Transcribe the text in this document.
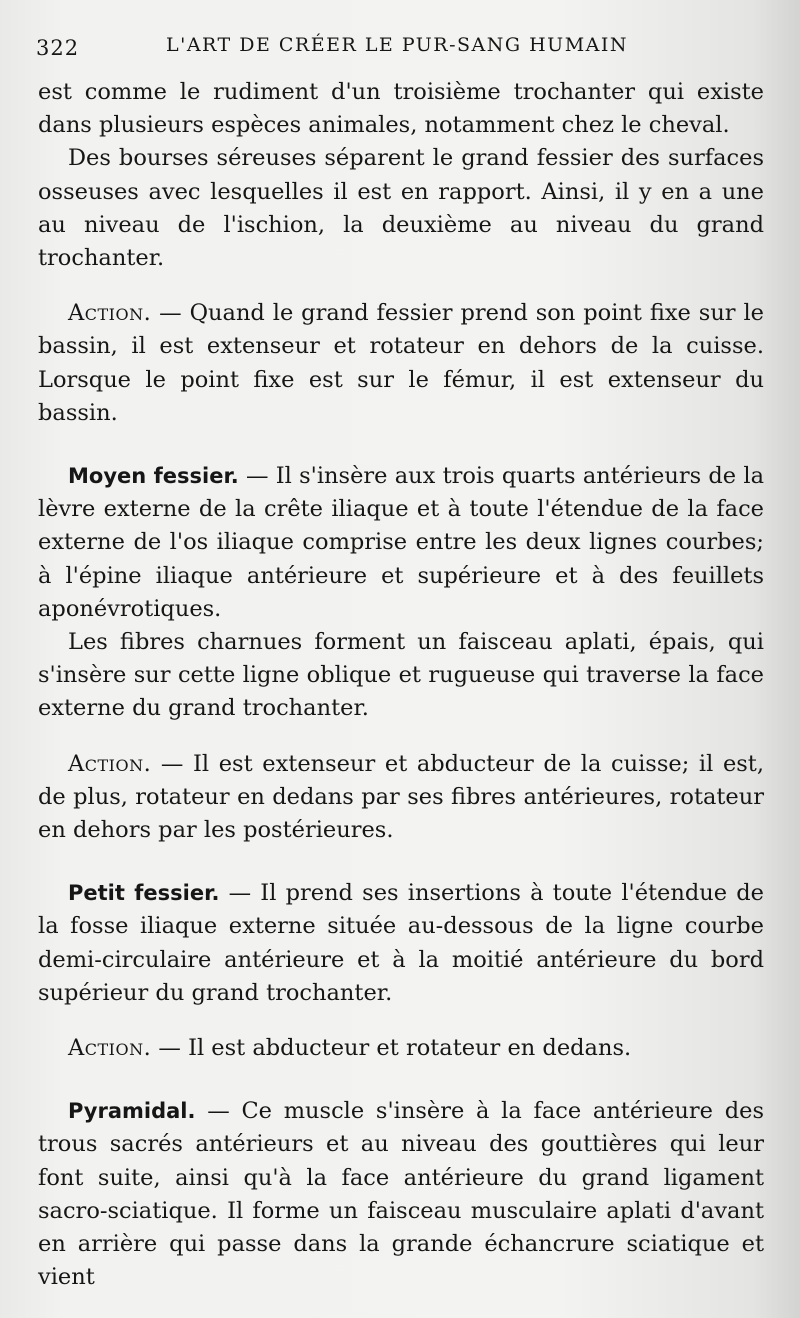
322	L'ART DE CRÉER LE PUR-SANG HUMAIN

est comme le rudiment d'un troisième trochanter qui existe dans plusieurs espèces animales, notamment chez le cheval.

Des bourses séreuses séparent le grand fessier des surfaces osseuses avec lesquelles il est en rapport. Ainsi, il y en a une au niveau de l'ischion, la deuxième au niveau du grand trochanter.

Action. — Quand le grand fessier prend son point fixe sur le bassin, il est extenseur et rotateur en dehors de la cuisse. Lorsque le point fixe est sur le fémur, il est extenseur du bassin.

Moyen fessier. — Il s'insère aux trois quarts antérieurs de la lèvre externe de la crête iliaque et à toute l'étendue de la face externe de l'os iliaque comprise entre les deux lignes courbes; à l'épine iliaque antérieure et supérieure et à des feuillets aponévrotiques.

Les fibres charnues forment un faisceau aplati, épais, qui s'insère sur cette ligne oblique et rugueuse qui traverse la face externe du grand trochanter.

Action. — Il est extenseur et abducteur de la cuisse; il est, de plus, rotateur en dedans par ses fibres antérieures, rotateur en dehors par les postérieures.

Petit fessier. — Il prend ses insertions à toute l'étendue de la fosse iliaque externe située au-dessous de la ligne courbe demi-circulaire antérieure et à la moitié antérieure du bord supérieur du grand trochanter.

Action. — Il est abducteur et rotateur en dedans.

Pyramidal. — Ce muscle s'insère à la face antérieure des trous sacrés antérieurs et au niveau des gouttières qui leur font suite, ainsi qu'à la face antérieure du grand ligament sacro-sciatique. Il forme un faisceau musculaire aplati d'avant en arrière qui passe dans la grande échancrure sciatique et vient
